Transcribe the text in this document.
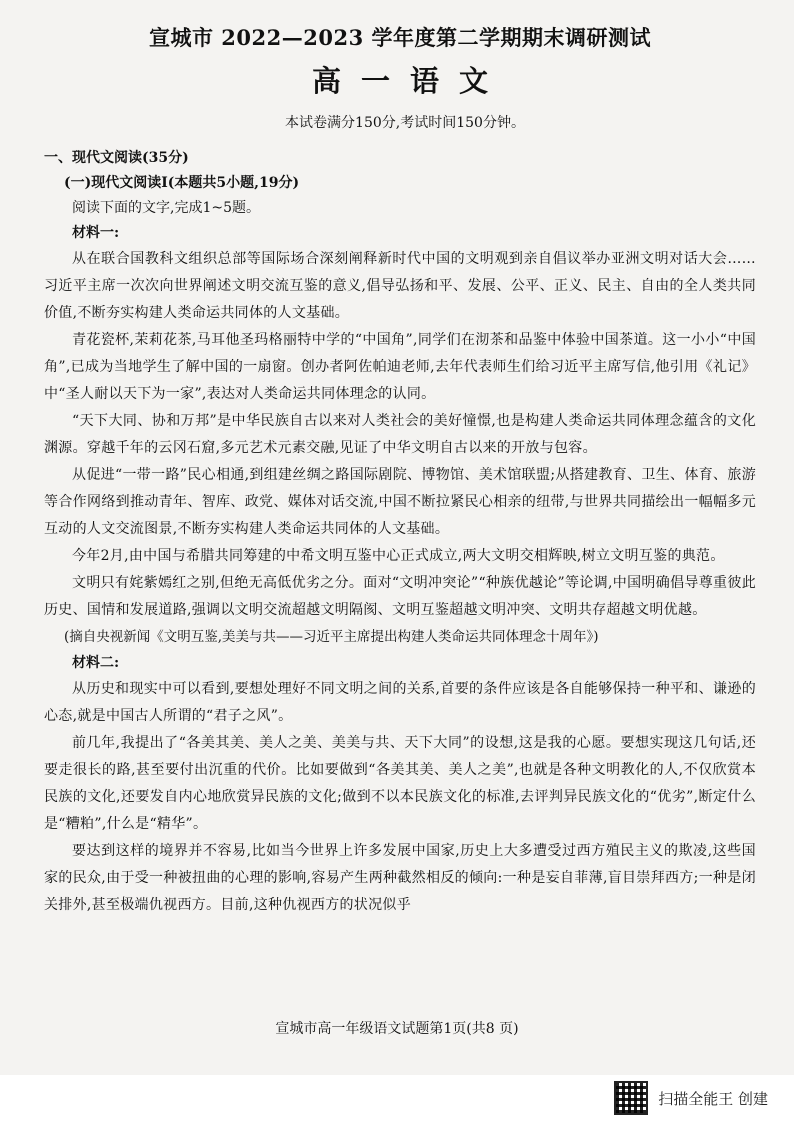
宣城市 2022—2023 学年度第二学期期末调研测试

高一语文

本试卷满分150分,考试时间150分钟。

一、现代文阅读(35分)

(一)现代文阅读I(本题共5小题,19分)

阅读下面的文字,完成1~5题。

材料一:

从在联合国教科文组织总部等国际场合深刻阐释新时代中国的文明观到亲自倡议举办亚洲文明对话大会……习近平主席一次次向世界阐述文明交流互鉴的意义,倡导弘扬和平、发展、公平、正义、民主、自由的全人类共同价值,不断夯实构建人类命运共同体的人文基础。

青花瓷杯,茉莉花茶,马耳他圣玛格丽特中学的“中国角”,同学们在沏茶和品鉴中体验中国茶道。这一小小“中国角”,已成为当地学生了解中国的一扇窗。创办者阿佐帕迪老师,去年代表师生们给习近平主席写信,他引用《礼记》中“圣人耐以天下为一家”,表达对人类命运共同体理念的认同。

“天下大同、协和万邦”是中华民族自古以来对人类社会的美好憧憬,也是构建人类命运共同体理念蕴含的文化渊源。穿越千年的云冈石窟,多元艺术元素交融,见证了中华文明自古以来的开放与包容。

从促进“一带一路”民心相通,到组建丝绸之路国际剧院、博物馆、美术馆联盟;从搭建教育、卫生、体育、旅游等合作网络到推动青年、智库、政党、媒体对话交流,中国不断拉紧民心相亲的纽带,与世界共同描绘出一幅幅多元互动的人文交流图景,不断夯实构建人类命运共同体的人文基础。

今年2月,由中国与希腊共同筹建的中希文明互鉴中心正式成立,两大文明交相辉映,树立文明互鉴的典范。

文明只有姹紫嫣红之别,但绝无高低优劣之分。面对“文明冲突论”“种族优越论”等论调,中国明确倡导尊重彼此历史、国情和发展道路,强调以文明交流超越文明隔阂、文明互鉴超越文明冲突、文明共存超越文明优越。

(摘自央视新闻《文明互鉴,美美与共——习近平主席提出构建人类命运共同体理念十周年》)

材料二:

从历史和现实中可以看到,要想处理好不同文明之间的关系,首要的条件应该是各自能够保持一种平和、谦逊的心态,就是中国古人所谓的“君子之风”。

前几年,我提出了“各美其美、美人之美、美美与共、天下大同”的设想,这是我的心愿。要想实现这几句话,还要走很长的路,甚至要付出沉重的代价。比如要做到“各美其美、美人之美”,也就是各种文明教化的人,不仅欣赏本民族的文化,还要发自内心地欣赏异民族的文化;做到不以本民族文化的标准,去评判异民族文化的“优劣”,断定什么是“糟粕”,什么是“精华”。

要达到这样的境界并不容易,比如当今世界上许多发展中国家,历史上大多遭受过西方殖民主义的欺凌,这些国家的民众,由于受一种被扭曲的心理的影响,容易产生两种截然相反的倾向:一种是妄自菲薄,盲目崇拜西方;一种是闭关排外,甚至极端仇视西方。目前,这种仇视西方的状况似乎

宣城市高一年级语文试题第1页(共8 页)
扫描全能王 创建
